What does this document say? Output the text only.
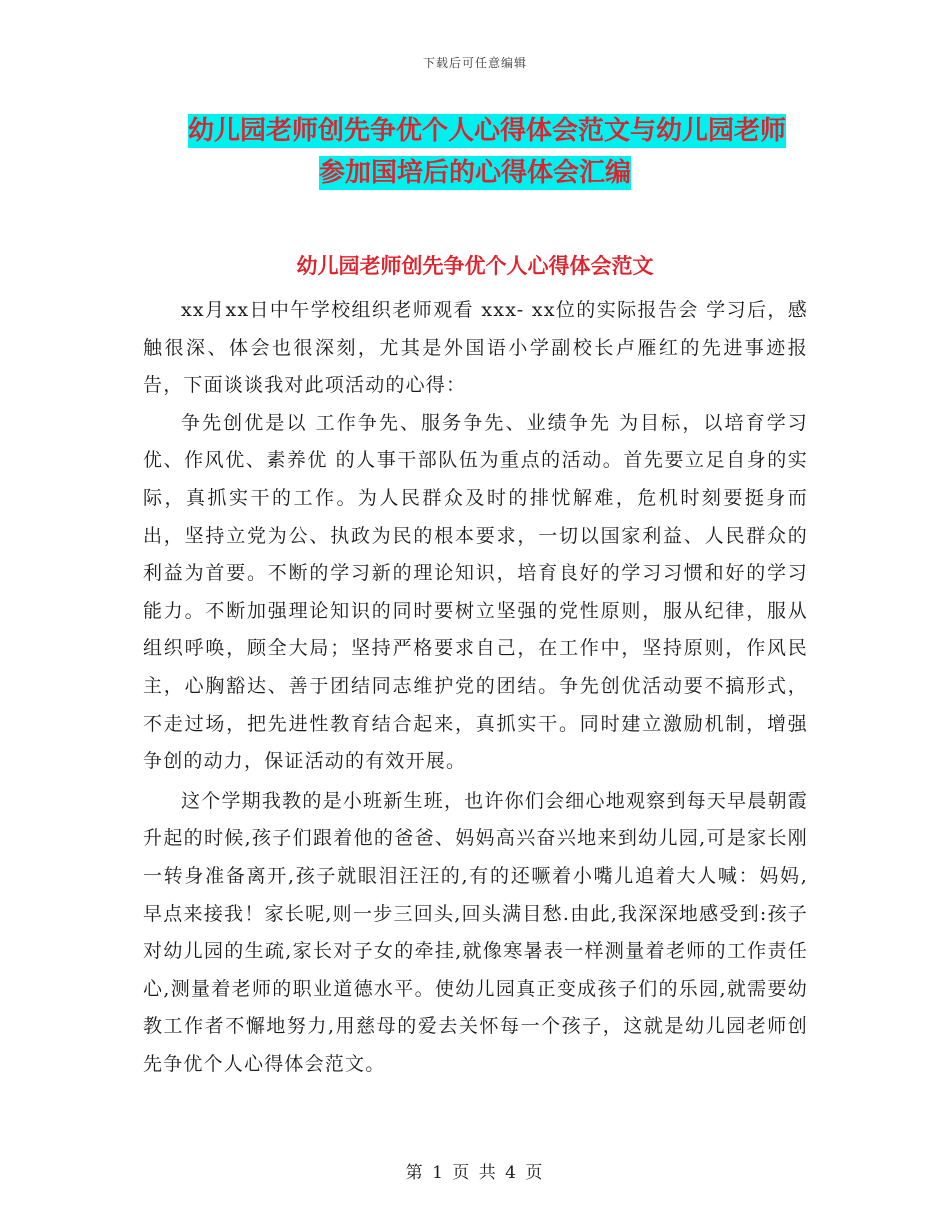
下载后可任意编辑
幼儿园老师创先争优个人心得体会范文与幼儿园老师
参加国培后的心得体会汇编
幼儿园老师创先争优个人心得体会范文

xx月xx日中午学校组织老师观看 xxx- xx位的实际报告会 学习后，感触很深、体会也很深刻，尤其是外国语小学副校长卢雁红的先进事迹报告，下面谈谈我对此项活动的心得：

争先创优是以 工作争先、服务争先、业绩争先 为目标，以培育学习优、作风优、素养优 的人事干部队伍为重点的活动。首先要立足自身的实际，真抓实干的工作。为人民群众及时的排忧解难，危机时刻要挺身而出，坚持立党为公、执政为民的根本要求，一切以国家利益、人民群众的利益为首要。不断的学习新的理论知识，培育良好的学习习惯和好的学习能力。不断加强理论知识的同时要树立坚强的党性原则，服从纪律，服从组织呼唤，顾全大局；坚持严格要求自己，在工作中，坚持原则，作风民主，心胸豁达、善于团结同志维护党的团结。争先创优活动要不搞形式，不走过场，把先进性教育结合起来，真抓实干。同时建立激励机制，增强争创的动力，保证活动的有效开展。

这个学期我教的是小班新生班，也许你们会细心地观察到每天早晨朝霞升起的时候,孩子们跟着他的爸爸、妈妈高兴奋兴地来到幼儿园,可是家长刚一转身准备离开,孩子就眼泪汪汪的,有的还噘着小嘴儿追着大人喊：妈妈,早点来接我！家长呢,则一步三回头,回头满目愁.由此,我深深地感受到:孩子对幼儿园的生疏,家长对子女的牵挂,就像寒暑表一样测量着老师的工作责任心,测量着老师的职业道德水平。使幼儿园真正变成孩子们的乐园,就需要幼教工作者不懈地努力,用慈母的爱去关怀每一个孩子，这就是幼儿园老师创先争优个人心得体会范文。

第 1 页 共 4 页
